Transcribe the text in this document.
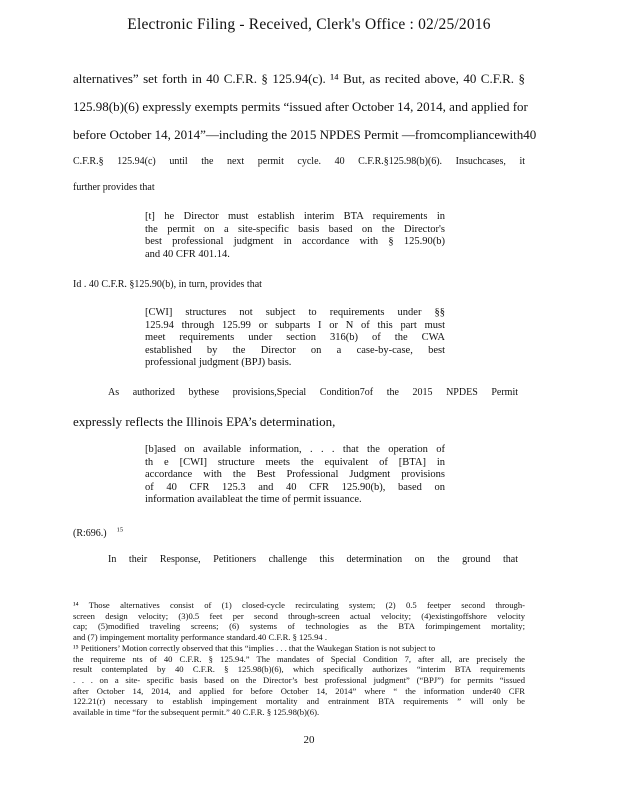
Electronic Filing - Received, Clerk's Office : 02/25/2016
alternatives” set forth in 40 C.F.R. § 125.94(c). ¹⁴ But, as recited above, 40 C.F.R. §
125.98(b)(6) expressly exempts permits “issued after October 14, 2014, and applied for
before October 14, 2014”—including the 2015 NPDES Permit —fromcompliancewith40
C.F.R.§ 125.94(c) until the next permit cycle. 40 C.F.R.§125.98(b)(6). Insuchcases, it
further provides that
[t] he Director must establish interim BTA requirements in
the permit on a site-specific basis based on the Director's
best professional judgment in accordance with § 125.90(b)
and 40 CFR 401.14.
Id . 40 C.F.R. §125.90(b), in turn, provides that
[CWI] structures not subject to requirements under §§
125.94 through 125.99 or subparts I or N of this part must
meet requirements under section 316(b) of the CWA
established by the Director on a case-by-case, best
professional judgment (BPJ) basis.
As authorized bythese provisions,Special Condition7of the 2015 NPDES Permit
expressly reflects the Illinois EPA’s determination,
[b]ased on available information, . . . that the operation of
th e [CWI] structure meets the equivalent of [BTA] in
accordance with the Best Professional Judgment provisions
of 40 CFR 125.3 and 40 CFR 125.90(b), based on
information availableat the time of permit issuance.
(R:696.) $^{15}$
In their Response, Petitioners challenge this determination on the ground that
¹⁴ Those alternatives consist of (1) closed-cycle recirculating system; (2) 0.5 feetper second through-
screen design velocity; (3)0.5 feet per second through-screen actual velocity; (4)existingoffshore velocity
cap; (5)modified traveling screens; (6) systems of technologies as the BTA forimpingement mortality;
and (7) impingement mortality performance standard.40 C.F.R. § 125.94 .
¹⁵ Petitioners’ Motion correctly observed that this “implies . . . that the Waukegan Station is not subject to
the requireme nts of 40 C.F.R. § 125.94.” The mandates of Special Condition 7, after all, are precisely the
result contemplated by 40 C.F.R. § 125.98(b)(6), which specifically authorizes “interim BTA requirements
. . . on a site- specific basis based on the Director’s best professional judgment” (“BPJ”) for permits “issued
after October 14, 2014, and applied for before October 14, 2014” where “ the information under40 CFR
122.21(r) necessary to establish impingement mortality and entrainment BTA requirements ” will only be
available in time “for the subsequent permit.” 40 C.F.R. § 125.98(b)(6).
20
